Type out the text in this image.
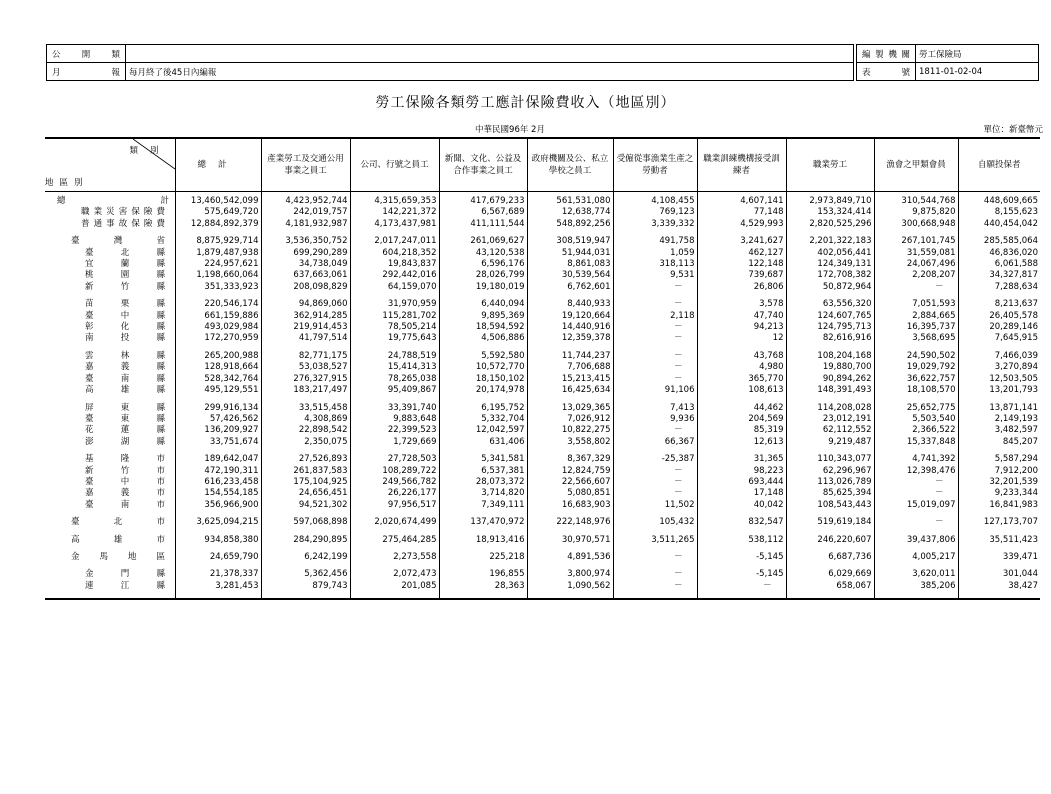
公開類	
月報	每月終了後45日內編報
編製機關	勞工保險局
表號	1811-01-02-04
勞工保險各類勞工應計保險費收入（地區別）
中華民國96年 2月	單位：新臺幣元
類別
地區別	總計	產業勞工及交通公用事業之員工	公司、行號之員工	新聞、文化、公益及合作事業之員工	政府機關及公、私立學校之員工	受僱從事漁業生產之勞動者	職業訓練機構接受訓練者	職業勞工	漁會之甲類會員	自願投保者
總計	13,460,542,099	4,423,952,744	4,315,659,353	417,679,233	561,531,080	4,108,455	4,607,141	2,973,849,710	310,544,768	448,609,665
職業災害保險費	575,649,720	242,019,757	142,221,372	6,567,689	12,638,774	769,123	77,148	153,324,414	9,875,820	8,155,623
普通事故保險費	12,884,892,379	4,181,932,987	4,173,437,981	411,111,544	548,892,256	3,339,332	4,529,993	2,820,525,296	300,668,948	440,454,042
臺灣省	8,875,929,714	3,536,350,752	2,017,247,011	261,069,627	308,519,947	491,758	3,241,627	2,201,322,183	267,101,745	285,585,064
臺北縣	1,879,487,938	699,290,289	604,218,352	43,120,538	51,944,031	1,059	462,127	402,056,441	31,559,081	46,836,020
宜蘭縣	224,957,621	34,738,049	19,843,837	6,596,176	8,861,083	318,113	122,148	124,349,131	24,067,496	6,061,588
桃園縣	1,198,660,064	637,663,061	292,442,016	28,026,799	30,539,564	9,531	739,687	172,708,382	2,208,207	34,327,817
新竹縣	351,333,923	208,098,829	64,159,070	19,180,019	6,762,601	－	26,806	50,872,964	－	7,288,634
苗栗縣	220,546,174	94,869,060	31,970,959	6,440,094	8,440,933	－	3,578	63,556,320	7,051,593	8,213,637
臺中縣	661,159,886	362,914,285	115,281,702	9,895,369	19,120,664	2,118	47,740	124,607,765	2,884,665	26,405,578
彰化縣	493,029,984	219,914,453	78,505,214	18,594,592	14,440,916	－	94,213	124,795,713	16,395,737	20,289,146
南投縣	172,270,959	41,797,514	19,775,643	4,506,886	12,359,378	－	12	82,616,916	3,568,695	7,645,915
雲林縣	265,200,988	82,771,175	24,788,519	5,592,580	11,744,237	－	43,768	108,204,168	24,590,502	7,466,039
嘉義縣	128,918,664	53,038,527	15,414,313	10,572,770	7,706,688	－	4,980	19,880,700	19,029,792	3,270,894
臺南縣	528,342,764	276,327,915	78,265,038	18,150,102	15,213,415	－	365,770	90,894,262	36,622,757	12,503,505
高雄縣	495,129,551	183,217,497	95,409,867	20,174,978	16,425,634	91,106	108,613	148,391,493	18,108,570	13,201,793
屏東縣	299,916,134	33,515,458	33,391,740	6,195,752	13,029,365	7,413	44,462	114,208,028	25,652,775	13,871,141
臺東縣	57,426,562	4,308,869	9,883,648	5,332,704	7,026,912	9,936	204,569	23,012,191	5,503,540	2,149,193
花蓮縣	136,209,927	22,898,542	22,399,523	12,042,597	10,822,275	－	85,319	62,112,552	2,366,522	3,482,597
澎湖縣	33,751,674	2,350,075	1,729,669	631,406	3,558,802	66,367	12,613	9,219,487	15,337,848	845,207
基隆市	189,642,047	27,526,893	27,728,503	5,341,581	8,367,329	-25,387	31,365	110,343,077	4,741,392	5,587,294
新竹市	472,190,311	261,837,583	108,289,722	6,537,381	12,824,759	－	98,223	62,296,967	12,398,476	7,912,200
臺中市	616,233,458	175,104,925	249,566,782	28,073,372	22,566,607	－	693,444	113,026,789	－	32,201,539
嘉義市	154,554,185	24,656,451	26,226,177	3,714,820	5,080,851	－	17,148	85,625,394	－	9,233,344
臺南市	356,966,900	94,521,302	97,956,517	7,349,111	16,683,903	11,502	40,042	108,543,443	15,019,097	16,841,983
臺北市	3,625,094,215	597,068,898	2,020,674,499	137,470,972	222,148,976	105,432	832,547	519,619,184	－	127,173,707
高雄市	934,858,380	284,290,895	275,464,285	18,913,416	30,970,571	3,511,265	538,112	246,220,607	39,437,806	35,511,423
金馬地區	24,659,790	6,242,199	2,273,558	225,218	4,891,536	－	-5,145	6,687,736	4,005,217	339,471
金門縣	21,378,337	5,362,456	2,072,473	196,855	3,800,974	－	-5,145	6,029,669	3,620,011	301,044
連江縣	3,281,453	879,743	201,085	28,363	1,090,562	－	－	658,067	385,206	38,427
